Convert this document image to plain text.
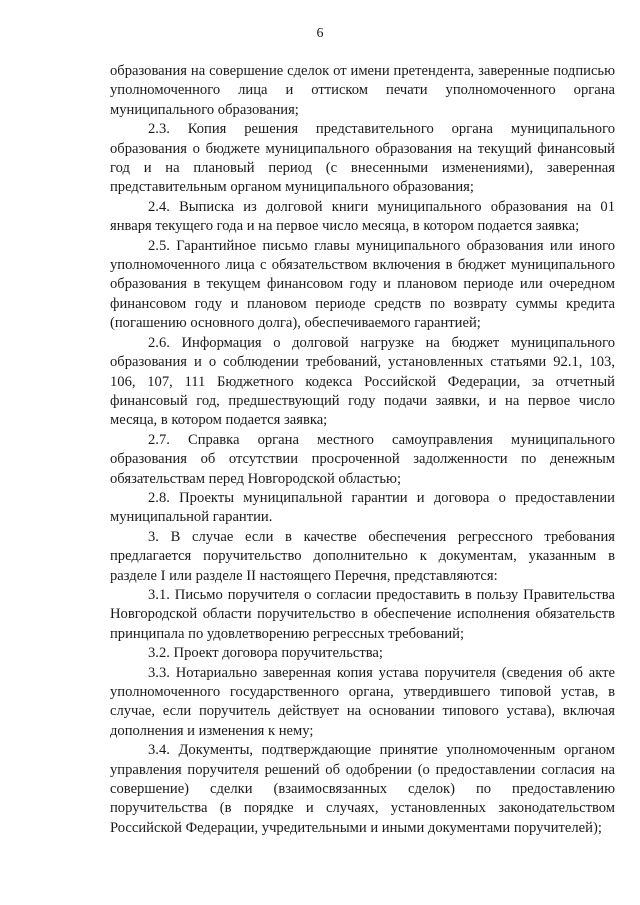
6

образования на совершение сделок от имени претендента, заверенные подписью уполномоченного лица и оттиском печати уполномоченного органа муниципального образования;

2.3. Копия решения представительного органа муниципального образования о бюджете муниципального образования на текущий финансовый год и на плановый период (с внесенными изменениями), заверенная представительным органом муниципального образования;

2.4. Выписка из долговой книги муниципального образования на 01 января текущего года и на первое число месяца, в котором подается заявка;

2.5. Гарантийное письмо главы муниципального образования или иного уполномоченного лица с обязательством включения в бюджет муниципального образования в текущем финансовом году и плановом периоде или очередном финансовом году и плановом периоде средств по возврату суммы кредита (погашению основного долга), обеспечиваемого гарантией;

2.6. Информация о долговой нагрузке на бюджет муниципального образования и о соблюдении требований, установленных статьями 92.1, 103, 106, 107, 111 Бюджетного кодекса Российской Федерации, за отчетный финансовый год, предшествующий году подачи заявки, и на первое число месяца, в котором подается заявка;

2.7. Справка органа местного самоуправления муниципального образования об отсутствии просроченной задолженности по денежным обязательствам перед Новгородской областью;

2.8. Проекты муниципальной гарантии и договора о предоставлении муниципальной гарантии.

3. В случае если в качестве обеспечения регрессного требования предлагается поручительство дополнительно к документам, указанным в разделе I или разделе II настоящего Перечня, представляются:

3.1. Письмо поручителя о согласии предоставить в пользу Правительства Новгородской области поручительство в обеспечение исполнения обязательств принципала по удовлетворению регрессных требований;

3.2. Проект договора поручительства;

3.3. Нотариально заверенная копия устава поручителя (сведения об акте уполномоченного государственного органа, утвердившего типовой устав, в случае, если поручитель действует на основании типового устава), включая дополнения и изменения к нему;

3.4. Документы, подтверждающие принятие уполномоченным органом управления поручителя решений об одобрении (о предоставлении согласия на совершение) сделки (взаимосвязанных сделок) по предоставлению поручительства (в порядке и случаях, установленных законодательством Российской Федерации, учредительными и иными документами поручителей);
